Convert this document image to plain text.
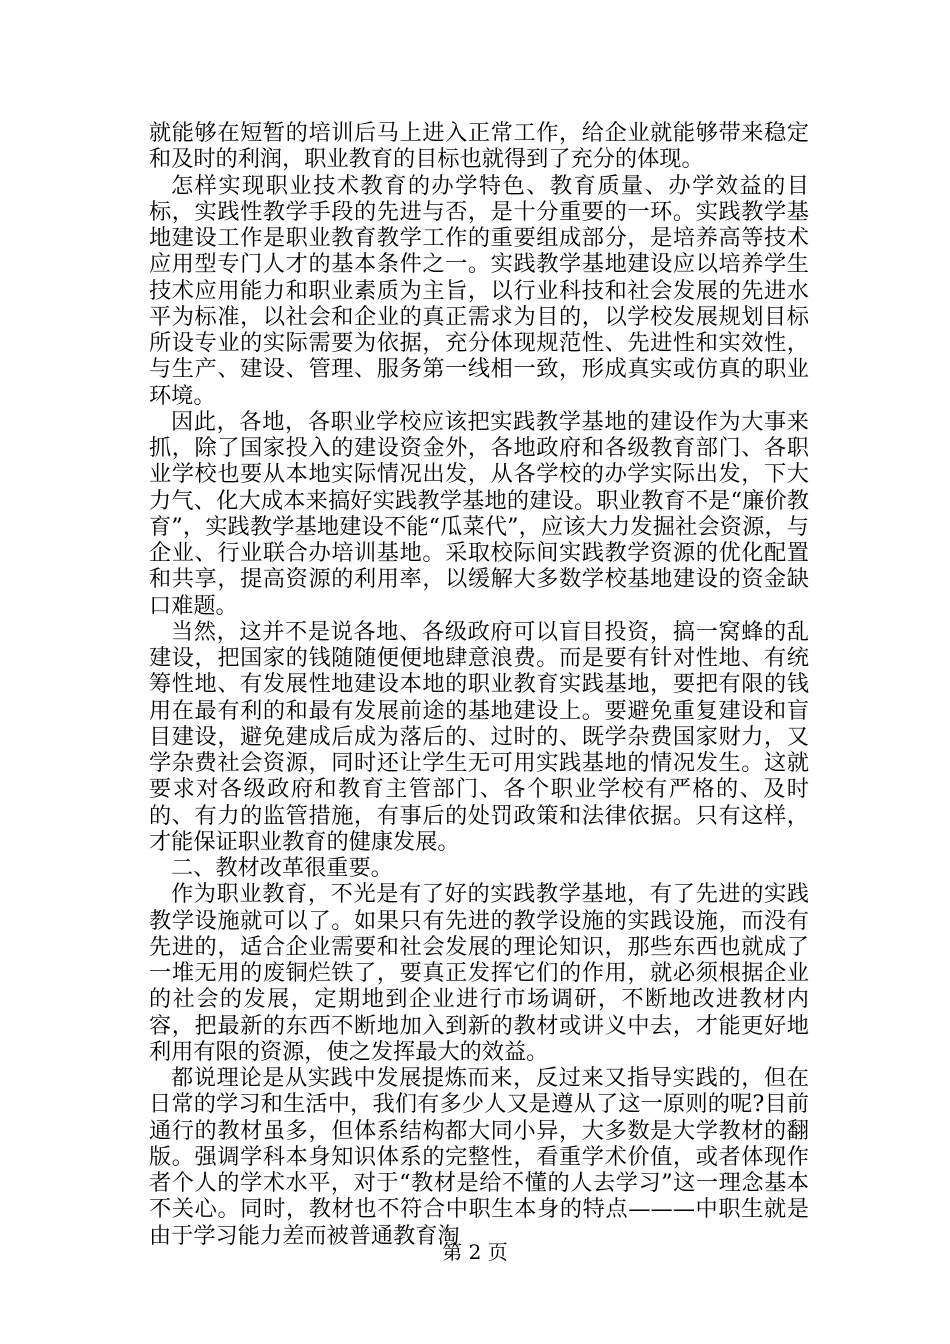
就能够在短暂的培训后马上进入正常工作，给企业就能够带来稳定和及时的利润，职业教育的目标也就得到了充分的体现。

怎样实现职业技术教育的办学特色、教育质量、办学效益的目标，实践性教学手段的先进与否，是十分重要的一环。实践教学基地建设工作是职业教育教学工作的重要组成部分，是培养高等技术应用型专门人才的基本条件之一。实践教学基地建设应以培养学生技术应用能力和职业素质为主旨，以行业科技和社会发展的先进水平为标准，以社会和企业的真正需求为目的，以学校发展规划目标所设专业的实际需要为依据，充分体现规范性、先进性和实效性，与生产、建设、管理、服务第一线相一致，形成真实或仿真的职业环境。

因此，各地，各职业学校应该把实践教学基地的建设作为大事来抓，除了国家投入的建设资金外，各地政府和各级教育部门、各职业学校也要从本地实际情况出发，从各学校的办学实际出发，下大力气、化大成本来搞好实践教学基地的建设。职业教育不是“廉价教育”，实践教学基地建设不能“瓜菜代”，应该大力发掘社会资源，与企业、行业联合办培训基地。采取校际间实践教学资源的优化配置和共享，提高资源的利用率，以缓解大多数学校基地建设的资金缺口难题。

当然，这并不是说各地、各级政府可以盲目投资，搞一窝蜂的乱建设，把国家的钱随随便便地肆意浪费。而是要有针对性地、有统筹性地、有发展性地建设本地的职业教育实践基地，要把有限的钱用在最有利的和最有发展前途的基地建设上。要避免重复建设和盲目建设，避免建成后成为落后的、过时的、既学杂费国家财力，又学杂费社会资源，同时还让学生无可用实践基地的情况发生。这就要求对各级政府和教育主管部门、各个职业学校有严格的、及时的、有力的监管措施，有事后的处罚政策和法律依据。只有这样，才能保证职业教育的健康发展。

二、教材改革很重要。

作为职业教育，不光是有了好的实践教学基地，有了先进的实践教学设施就可以了。如果只有先进的教学设施的实践设施，而没有先进的，适合企业需要和社会发展的理论知识，那些东西也就成了一堆无用的废铜烂铁了，要真正发挥它们的作用，就必须根据企业的社会的发展，定期地到企业进行市场调研，不断地改进教材内容，把最新的东西不断地加入到新的教材或讲义中去，才能更好地利用有限的资源，使之发挥最大的效益。

都说理论是从实践中发展提炼而来，反过来又指导实践的，但在日常的学习和生活中，我们有多少人又是遵从了这一原则的呢?目前通行的教材虽多，但体系结构都大同小异，大多数是大学教材的翻版。强调学科本身知识体系的完整性，看重学术价值，或者体现作者个人的学术水平，对于“教材是给不懂的人去学习”这一理念基本不关心。同时，教材也不符合中职生本身的特点———中职生就是由于学习能力差而被普通教育淘

第 2 页
